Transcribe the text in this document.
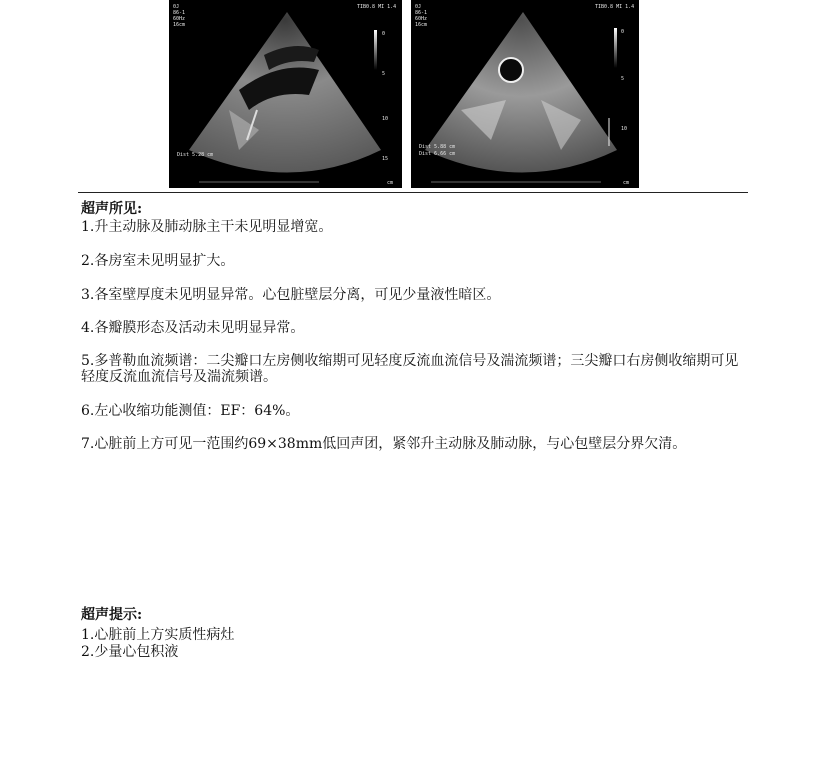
0J
86-1
60Hz
16cm
TIB0.8 MI 1.4
0
5
10
15
Dist 5.28 cm
cm
0J
86-1
60Hz
16cm
TIB0.8 MI 1.4
0
5
10
Dist 5.88 cm
Dist 6.66 cm
cm
超声所见:
1.升主动脉及肺动脉主干未见明显增宽。
2.各房室未见明显扩大。
3.各室壁厚度未见明显异常。心包脏壁层分离，可见少量液性暗区。
4.各瓣膜形态及活动未见明显异常。
5.多普勒血流频谱：二尖瓣口左房侧收缩期可见轻度反流血流信号及湍流频谱；三尖瓣口右房侧收缩期可见轻度反流血流信号及湍流频谱。
6.左心收缩功能测值：EF：64%。
7.心脏前上方可见一范围约69×38mm低回声团，紧邻升主动脉及肺动脉，与心包壁层分界欠清。
超声提示:
1.心脏前上方实质性病灶
2.少量心包积液
